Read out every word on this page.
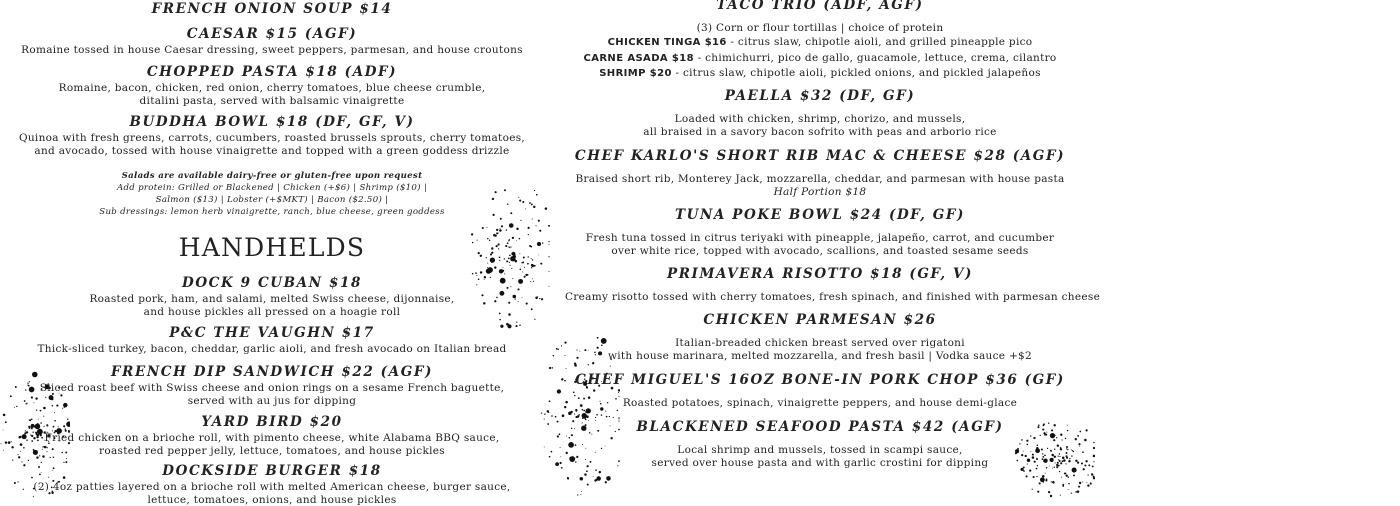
FRENCH ONION SOUP $14

CAESAR $15 (AGF)

Romaine tossed in house Caesar dressing, sweet peppers, parmesan, and house croutons

CHOPPED PASTA $18 (ADF)

Romaine, bacon, chicken, red onion, cherry tomatoes, blue cheese crumble,

ditalini pasta, served with balsamic vinaigrette

BUDDHA BOWL $18 (DF, GF, V)

Quinoa with fresh greens, carrots, cucumbers, roasted brussels sprouts, cherry tomatoes,

and avocado, tossed with house vinaigrette and topped with a green goddess drizzle

Salads are available dairy-free or gluten-free upon request
Add protein: Grilled or Blackened | Chicken (+$6) | Shrimp ($10) |
Salmon ($13) | Lobster (+$MKT) | Bacon ($2.50) |
Sub dressings: lemon herb vinaigrette, ranch, blue cheese, green goddess
HANDHELDS

DOCK 9 CUBAN $18

Roasted pork, ham, and salami, melted Swiss cheese, dijonnaise,

and house pickles all pressed on a hoagie roll

P&C THE VAUGHN $17

Thick-sliced turkey, bacon, cheddar, garlic aioli, and fresh avocado on Italian bread

FRENCH DIP SANDWICH $22 (AGF)

Sliced roast beef with Swiss cheese and onion rings on a sesame French baguette,

served with au jus for dipping

YARD BIRD $20

Fried chicken on a brioche roll, with pimento cheese, white Alabama BBQ sauce,

roasted red pepper jelly, lettuce, tomatoes, and house pickles

DOCKSIDE BURGER $18

(2) 4oz patties layered on a brioche roll with melted American cheese, burger sauce,

lettuce, tomatoes, onions, and house pickles

TACO TRIO (ADF, AGF)

(3) Corn or flour tortillas | choice of protein

CHICKEN TINGA $16 - citrus slaw, chipotle aioli, and grilled pineapple pico
CARNE ASADA $18 - chimichurri, pico de gallo, guacamole, lettuce, crema, cilantro
SHRIMP $20 - citrus slaw, chipotle aioli, pickled onions, and pickled jalapeños

PAELLA $32 (DF, GF)

Loaded with chicken, shrimp, chorizo, and mussels,

all braised in a savory bacon sofrito with peas and arborio rice

CHEF KARLO'S SHORT RIB MAC & CHEESE $28 (AGF)

Braised short rib, Monterey Jack, mozzarella, cheddar, and parmesan with house pasta

Half Portion $18

TUNA POKE BOWL $24 (DF, GF)

Fresh tuna tossed in citrus teriyaki with pineapple, jalapeño, carrot, and cucumber

over white rice, topped with avocado, scallions, and toasted sesame seeds

PRIMAVERA RISOTTO $18 (GF, V)

Creamy risotto tossed with cherry tomatoes, fresh spinach, and finished with parmesan cheese

CHICKEN PARMESAN $26

Italian-breaded chicken breast served over rigatoni

with house marinara, melted mozzarella, and fresh basil | Vodka sauce +$2

CHEF MIGUEL'S 16OZ BONE-IN PORK CHOP $36 (GF)

Roasted potatoes, spinach, vinaigrette peppers, and house demi-glace

BLACKENED SEAFOOD PASTA $42 (AGF)

Local shrimp and mussels, tossed in scampi sauce,

served over house pasta and with garlic crostini for dipping
